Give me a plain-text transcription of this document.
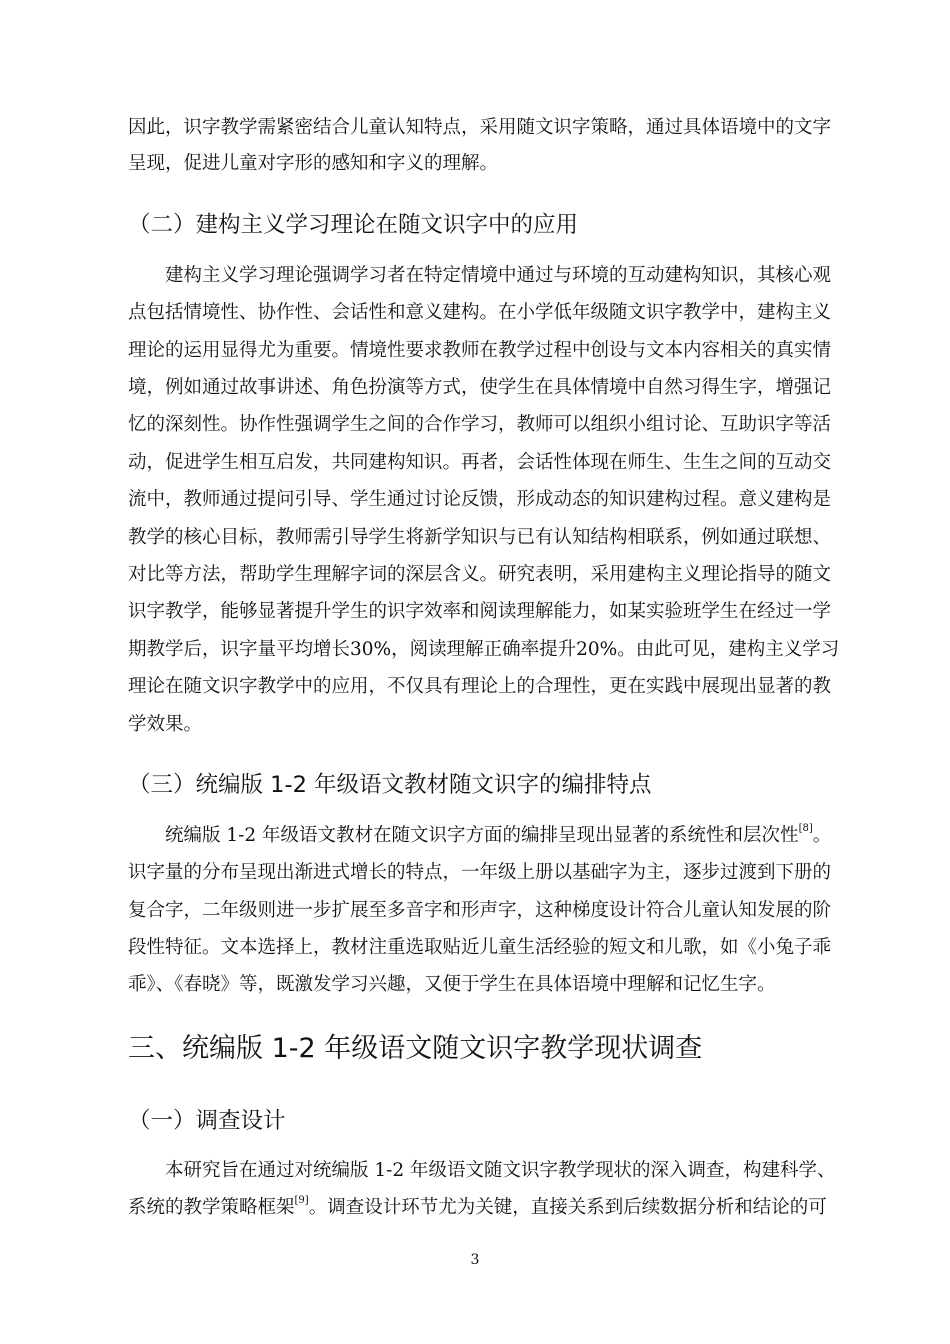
因此，识字教学需紧密结合儿童认知特点，采用随文识字策略，通过具体语境中的文字
呈现，促进儿童对字形的感知和字义的理解。
（二）建构主义学习理论在随文识字中的应用
建构主义学习理论强调学习者在特定情境中通过与环境的互动建构知识，其核心观
点包括情境性、协作性、会话性和意义建构。在小学低年级随文识字教学中，建构主义
理论的运用显得尤为重要。情境性要求教师在教学过程中创设与文本内容相关的真实情
境，例如通过故事讲述、角色扮演等方式，使学生在具体情境中自然习得生字，增强记
忆的深刻性。协作性强调学生之间的合作学习，教师可以组织小组讨论、互助识字等活
动，促进学生相互启发，共同建构知识。再者，会话性体现在师生、生生之间的互动交
流中，教师通过提问引导、学生通过讨论反馈，形成动态的知识建构过程。意义建构是
教学的核心目标，教师需引导学生将新学知识与已有认知结构相联系，例如通过联想、
对比等方法，帮助学生理解字词的深层含义。研究表明，采用建构主义理论指导的随文
识字教学，能够显著提升学生的识字效率和阅读理解能力，如某实验班学生在经过一学
期教学后，识字量平均增长30%，阅读理解正确率提升20%。由此可见，建构主义学习
理论在随文识字教学中的应用，不仅具有理论上的合理性，更在实践中展现出显著的教
学效果。
（三）统编版 1-2 年级语文教材随文识字的编排特点
统编版 1-2 年级语文教材在随文识字方面的编排呈现出显著的系统性和层次性[8]。
识字量的分布呈现出渐进式增长的特点，一年级上册以基础字为主，逐步过渡到下册的
复合字，二年级则进一步扩展至多音字和形声字，这种梯度设计符合儿童认知发展的阶
段性特征。文本选择上，教材注重选取贴近儿童生活经验的短文和儿歌，如《小兔子乖
乖》、《春晓》等，既激发学习兴趣，又便于学生在具体语境中理解和记忆生字。
三、统编版 1-2 年级语文随文识字教学现状调查
（一）调查设计
本研究旨在通过对统编版 1-2 年级语文随文识字教学现状的深入调查，构建科学、
系统的教学策略框架[9]。调查设计环节尤为关键，直接关系到后续数据分析和结论的可
3
